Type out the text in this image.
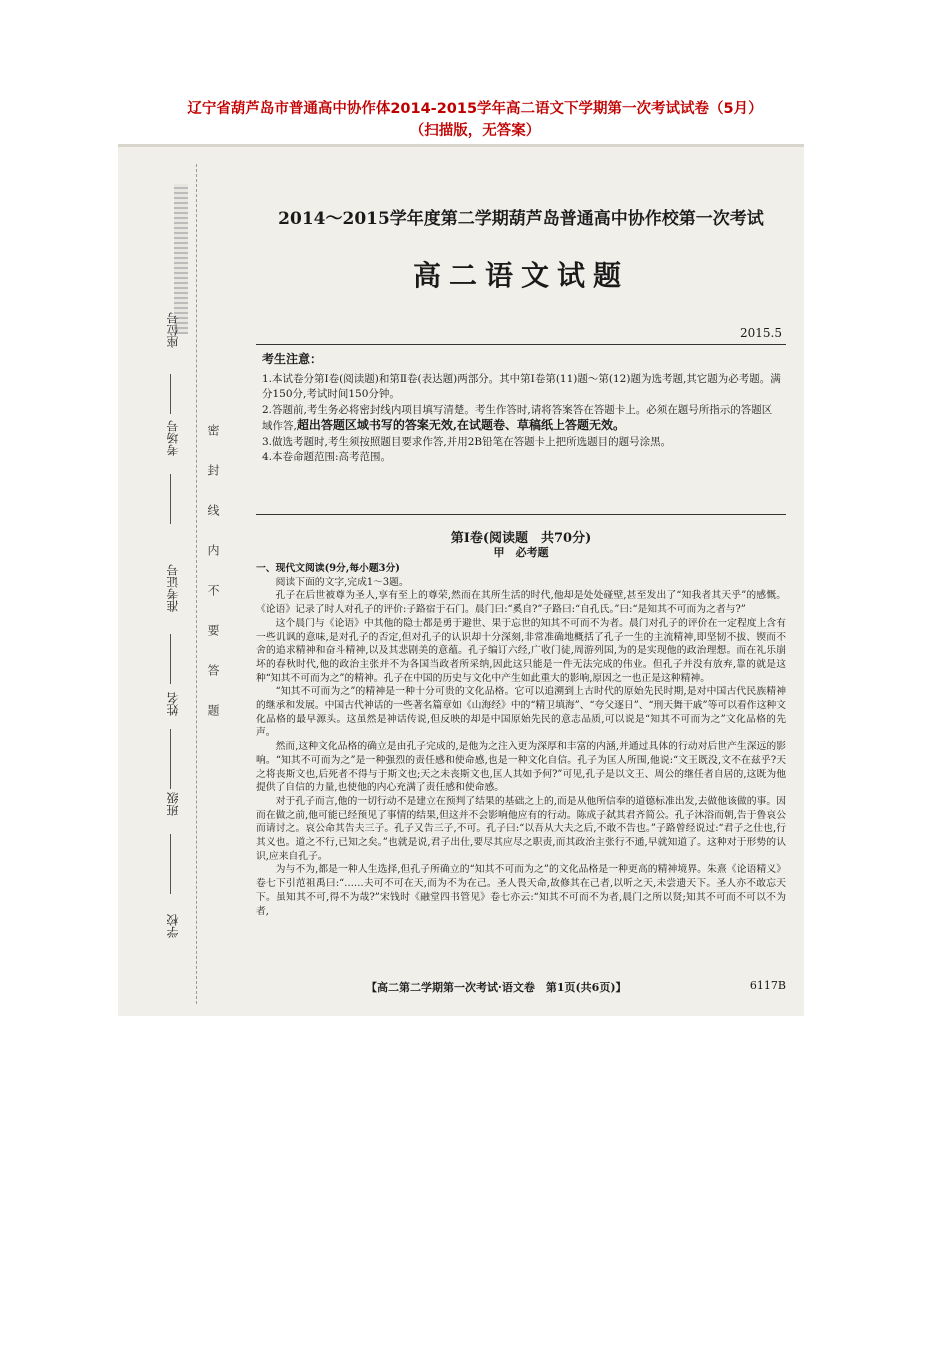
辽宁省葫芦岛市普通高中协作体2014-2015学年高二语文下学期第一次考试试卷（5月）
（扫描版，无答案）
座位号
考场号
准考证号
姓名
班级
学校
密封线内不要答题
2014～2015学年度第二学期葫芦岛普通高中协作校第一次考试
高二语文试题
2015.5
考生注意：

1.本试卷分第Ⅰ卷(阅读题)和第Ⅱ卷(表达题)两部分。其中第Ⅰ卷第(11)题～第(12)题为选考题,其它题为必考题。满分150分,考试时间150分钟。

2.答题前,考生务必将密封线内项目填写清楚。考生作答时,请将答案答在答题卡上。必须在题号所指示的答题区域作答,超出答题区域书写的答案无效,在试题卷、草稿纸上答题无效。

3.做选考题时,考生须按照题目要求作答,并用2B铅笔在答题卡上把所选题目的题号涂黑。

4.本卷命题范围:高考范围。

第Ⅰ卷(阅读题　共70分)
甲　必考题
一、现代文阅读(9分,每小题3分)

阅读下面的文字,完成1～3题。

孔子在后世被尊为圣人,享有至上的尊荣,然而在其所生活的时代,他却是处处碰壁,甚至发出了“知我者其天乎”的感慨。《论语》记录了时人对孔子的评价:子路宿于石门。晨门曰:“奚自?”子路曰:“自孔氏。”曰:“是知其不可而为之者与?”

这个晨门与《论语》中其他的隐士都是勇于避世、果于忘世的知其不可而不为者。晨门对孔子的评价在一定程度上含有一些讥讽的意味,是对孔子的否定,但对孔子的认识却十分深刻,非常准确地概括了孔子一生的主流精神,即坚韧不拔、锲而不舍的追求精神和奋斗精神,以及其悲剧美的意蕴。孔子编订六经,广收门徒,周游列国,为的是实现他的政治理想。而在礼乐崩坏的春秋时代,他的政治主张并不为各国当政者所采纳,因此这只能是一件无法完成的伟业。但孔子并没有放弃,靠的就是这种“知其不可而为之”的精神。孔子在中国的历史与文化中产生如此重大的影响,原因之一也正是这种精神。

“知其不可而为之”的精神是一种十分可贵的文化品格。它可以追溯到上古时代的原始先民时期,是对中国古代民族精神的继承和发展。中国古代神话的一些著名篇章如《山海经》中的“精卫填海”、“夸父逐日”、“刑天舞干戚”等可以看作这种文化品格的最早源头。这虽然是神话传说,但反映的却是中国原始先民的意志品质,可以说是“知其不可而为之”文化品格的先声。

然而,这种文化品格的确立是由孔子完成的,是他为之注入更为深厚和丰富的内涵,并通过具体的行动对后世产生深远的影响。“知其不可而为之”是一种强烈的责任感和使命感,也是一种文化自信。孔子为匡人所围,他说:“文王既没,文不在兹乎?天之将丧斯文也,后死者不得与于斯文也;天之未丧斯文也,匡人其如予何?”可见,孔子是以文王、周公的继任者自居的,这既为他提供了自信的力量,也使他的内心充满了责任感和使命感。

对于孔子而言,他的一切行动不是建立在预判了结果的基础之上的,而是从他所信奉的道德标准出发,去做他该做的事。因而在做之前,他可能已经预见了事情的结果,但这并不会影响他应有的行动。陈成子弑其君齐简公。孔子沐浴而朝,告于鲁哀公而请讨之。哀公命其告夫三子。孔子又告三子,不可。孔子曰:“以吾从大夫之后,不敢不告也。”子路曾经说过:“君子之仕也,行其义也。道之不行,已知之矣。”也就是说,君子出仕,要尽其应尽之职责,而其政治主张行不通,早就知道了。这种对于形势的认识,应来自孔子。

为与不为,都是一种人生选择,但孔子所确立的“知其不可而为之”的文化品格是一种更高的精神境界。朱熹《论语精义》卷七下引范祖禹曰:“……夫可不可在天,而为不为在己。圣人畏天命,故修其在己者,以听之天,未尝遗天下。圣人亦不敢忘天下。虽知其不可,得不为哉?”宋钱时《融堂四书管见》卷七亦云:“知其不可而不为者,晨门之所以贤;知其不可而不可以不为者,

【高二第二学期第一次考试·语文卷　第1页(共6页)】	6117B
